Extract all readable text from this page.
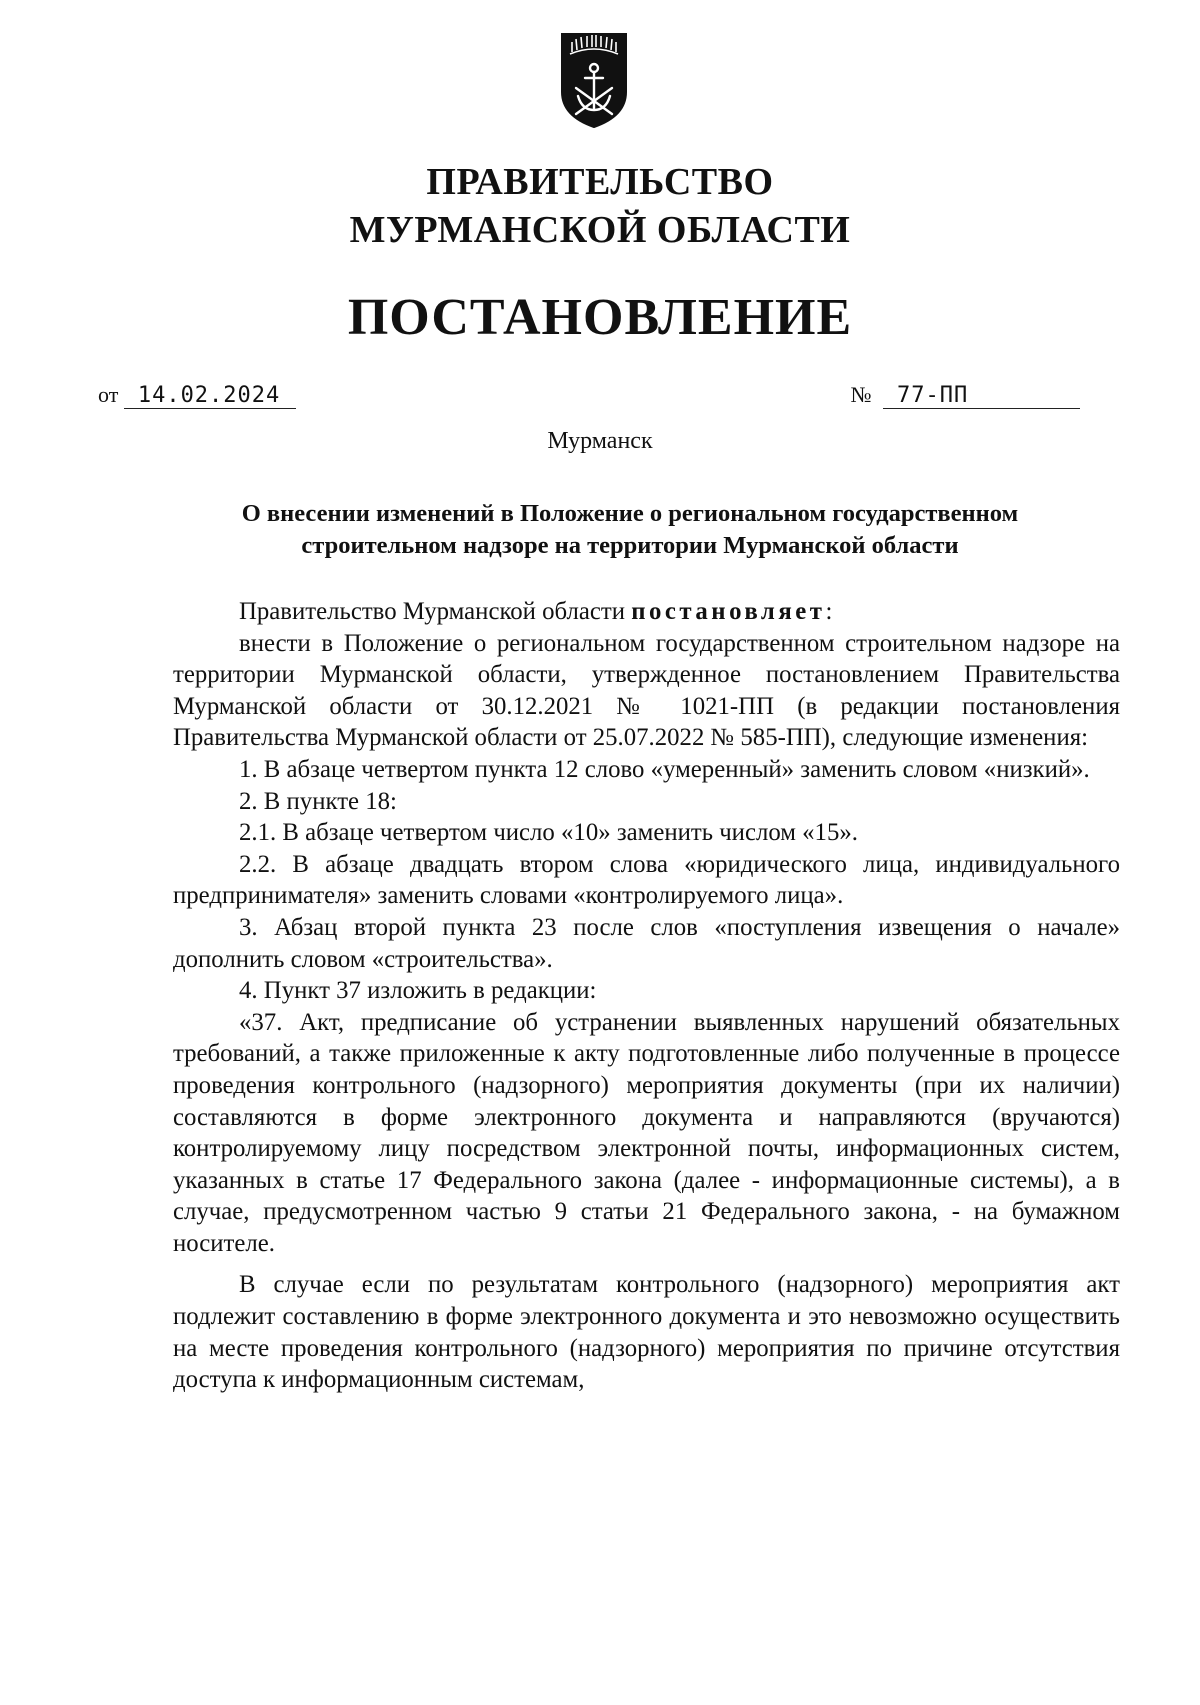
ПРАВИТЕЛЬСТВО
МУРМАНСКОЙ ОБЛАСТИ
ПОСТАНОВЛЕНИЕ
от 14.02.2024	№ 77-ПП
Мурманск
О внесении изменений в Положение о региональном государственном
строительном надзоре на территории Мурманской области

Правительство Мурманской области постановляет:

внести в Положение о региональном государственном строительном надзоре на территории Мурманской области, утвержденное постановлением Правительства Мурманской области от 30.12.2021 № 1021-ПП (в редакции постановления Правительства Мурманской области от 25.07.2022 № 585-ПП), следующие изменения:

1. В абзаце четвертом пункта 12 слово «умеренный» заменить словом «низкий».

2. В пункте 18:

2.1. В абзаце четвертом число «10» заменить числом «15».

2.2. В абзаце двадцать втором слова «юридического лица, индивидуального предпринимателя» заменить словами «контролируемого лица».

3. Абзац второй пункта 23 после слов «поступления извещения о начале» дополнить словом «строительства».

4. Пункт 37 изложить в редакции:

«37. Акт, предписание об устранении выявленных нарушений обязательных требований, а также приложенные к акту подготовленные либо полученные в процессе проведения контрольного (надзорного) мероприятия документы (при их наличии) составляются в форме электронного документа и направляются (вручаются) контролируемому лицу посредством электронной почты, информационных систем, указанных в статье 17 Федерального закона (далее - информационные системы), а в случае, предусмотренном частью 9 статьи 21 Федерального закона, - на бумажном носителе.

В случае если по результатам контрольного (надзорного) мероприятия акт подлежит составлению в форме электронного документа и это невозможно осуществить на месте проведения контрольного (надзорного) мероприятия по причине отсутствия доступа к информационным системам,
